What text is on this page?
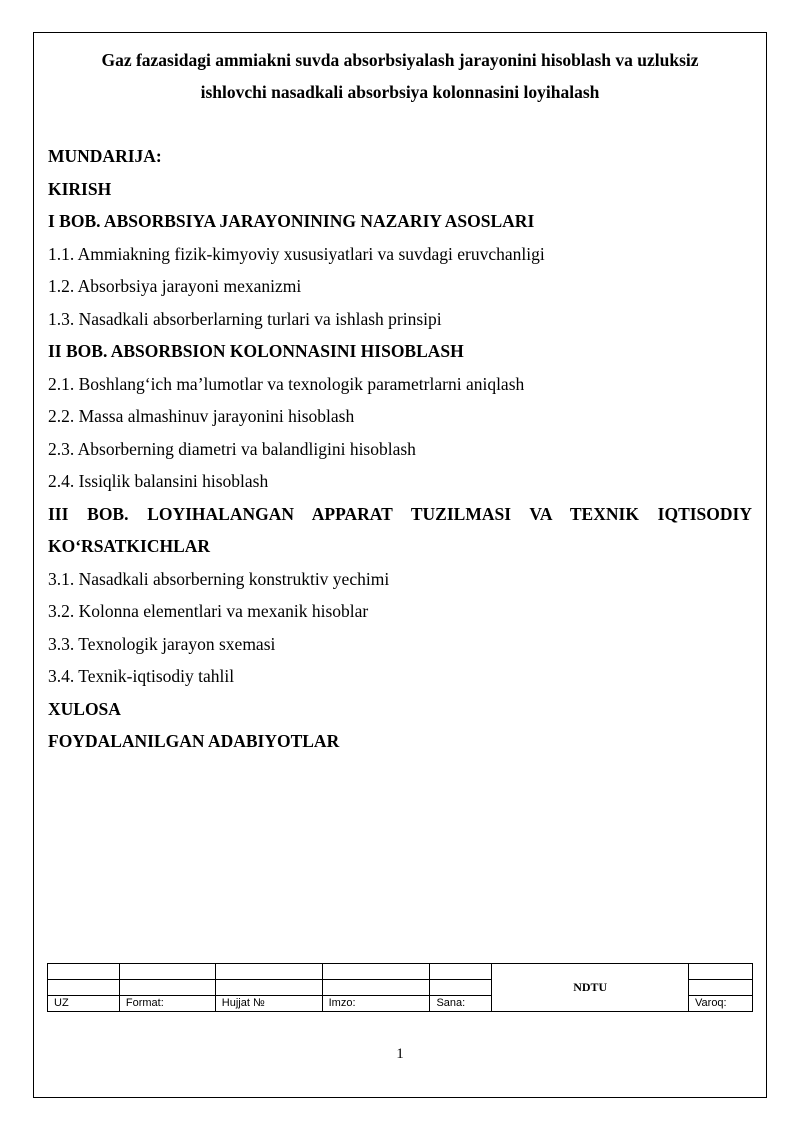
Gaz fazasidagi ammiakni suvda absorbsiyalash jarayonini hisoblash va uzluksiz
ishlovchi nasadkali absorbsiya kolonnasini loyihalash
MUNDARIJA:
KIRISH
I BOB. ABSORBSIYA JARAYONINING NAZARIY ASOSLARI
1.1. Ammiakning fizik-kimyoviy xususiyatlari va suvdagi eruvchanligi
1.2. Absorbsiya jarayoni mexanizmi
1.3. Nasadkali absorberlarning turlari va ishlash prinsipi
II BOB. ABSORBSION KOLONNASINI HISOBLASH
2.1. Boshlang‘ich ma’lumotlar va texnologik parametrlarni aniqlash
2.2. Massa almashinuv jarayonini hisoblash
2.3. Absorberning diametri va balandligini hisoblash
2.4. Issiqlik balansini hisoblash
III BOB. LOYIHALANGAN APPARAT TUZILMASI VA TEXNIK IQTISODIY
KO‘RSATKICHLAR
3.1. Nasadkali absorberning konstruktiv yechimi
3.2. Kolonna elementlari va mexanik hisoblar
3.3. Texnologik jarayon sxemasi
3.4. Texnik-iqtisodiy tahlil
XULOSA
FOYDALANILGAN ADABIYOTLAR
					NDTU	

UZ	Format:	Hujjat №	Imzo:	Sana:		Varoq:
1
